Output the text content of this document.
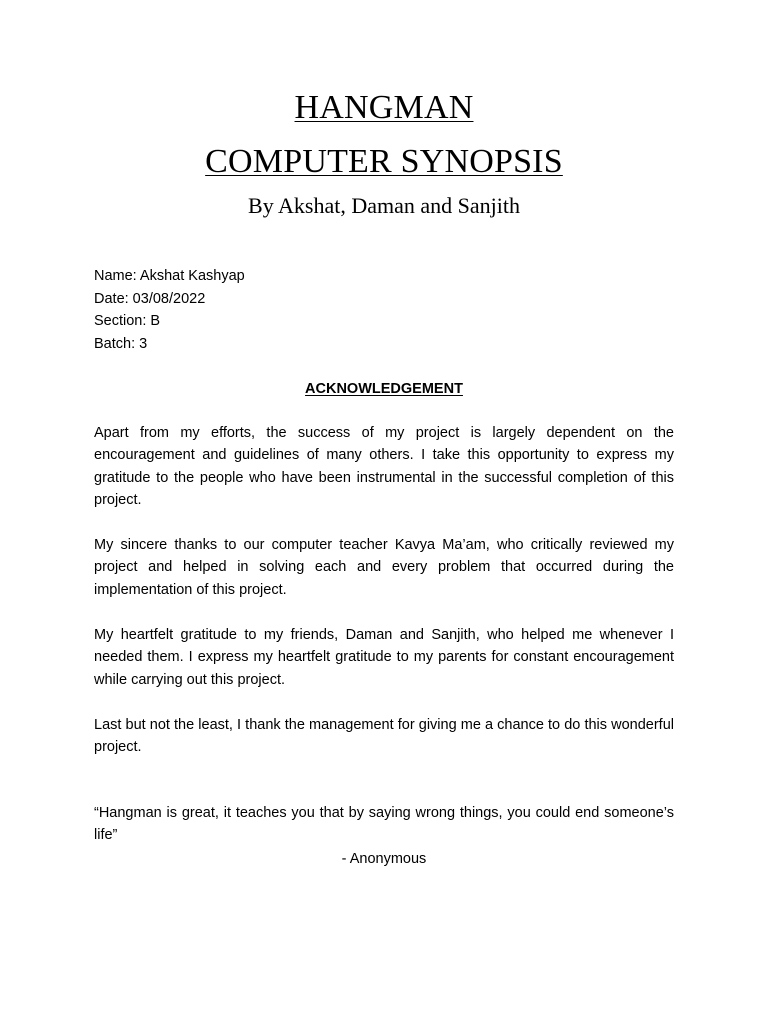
HANGMAN
COMPUTER SYNOPSIS
By Akshat, Daman and Sanjith
Name: Akshat Kashyap
Date: 03/08/2022
Section: B
Batch: 3
ACKNOWLEDGEMENT

Apart from my efforts, the success of my project is largely dependent on the encouragement and guidelines of many others. I take this opportunity to express my gratitude to the people who have been instrumental in the successful completion of this project.

My sincere thanks to our computer teacher Kavya Ma’am, who critically reviewed my project and helped in solving each and every problem that occurred during the implementation of this project.

My heartfelt gratitude to my friends, Daman and Sanjith, who helped me whenever I needed them. I express my heartfelt gratitude to my parents for constant encouragement while carrying out this project.

Last but not the least, I thank the management for giving me a chance to do this wonderful project.

“Hangman is great, it teaches you that by saying wrong things, you could end someone’s life”

- Anonymous
